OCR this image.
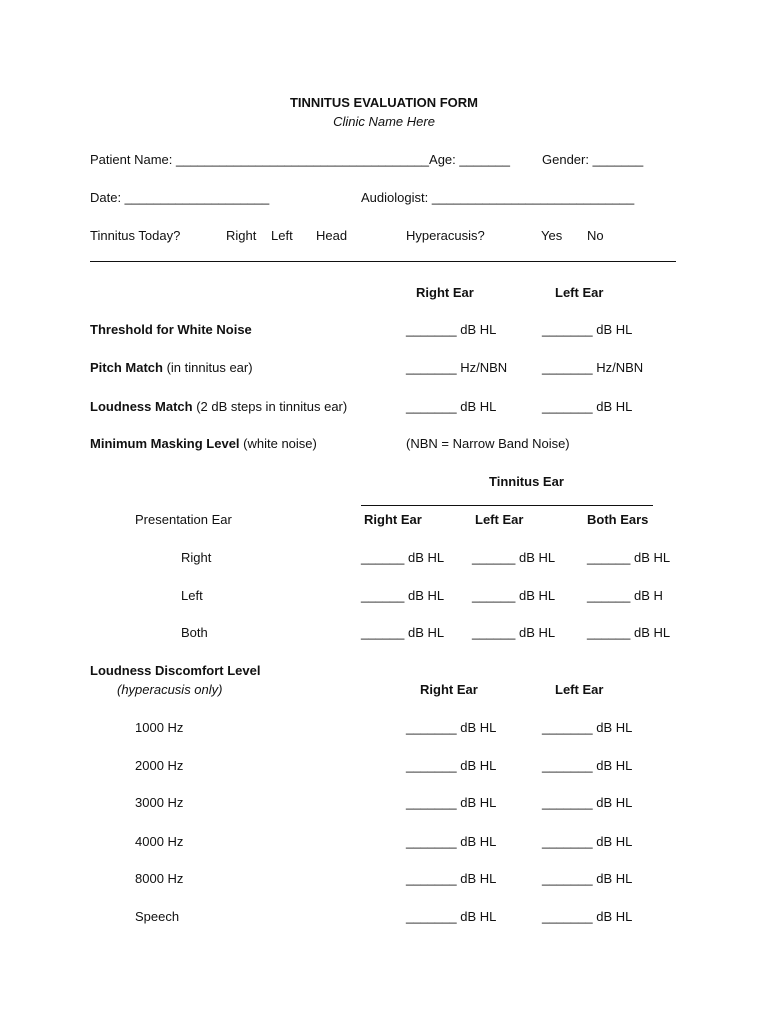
TINNITUS EVALUATION FORM
Clinic Name Here
Patient Name: ___________________________________Age: _______ Gender: _______
Date: ____________________	Audiologist: ____________________________
Tinnitus Today?	Right Left Head	Hyperacusis?	Yes No
Right Ear	Left Ear
Threshold for White Noise	_______ dB HL	_______ dB HL
Pitch Match (in tinnitus ear)	_______ Hz/NBN	_______ Hz/NBN
Loudness Match (2 dB steps in tinnitus ear)	_______ dB HL	_______ dB HL
Minimum Masking Level (white noise)	(NBN = Narrow Band Noise)
Tinnitus Ear
Presentation Ear	Right Ear	Left Ear	Both Ears
Right	______ dB HL ______ dB HL ______ dB HL
Left	______ dB HL ______ dB HL ______ dB H
Both	______ dB HL ______ dB HL ______ dB HL
Loudness Discomfort Level
(hyperacusis only)	Right Ear	Left Ear
1000 Hz	_______ dB HL	_______ dB HL
2000 Hz	_______ dB HL	_______ dB HL
3000 Hz	_______ dB HL	_______ dB HL
4000 Hz	_______ dB HL	_______ dB HL
8000 Hz	_______ dB HL	_______ dB HL
Speech	_______ dB HL	_______ dB HL
